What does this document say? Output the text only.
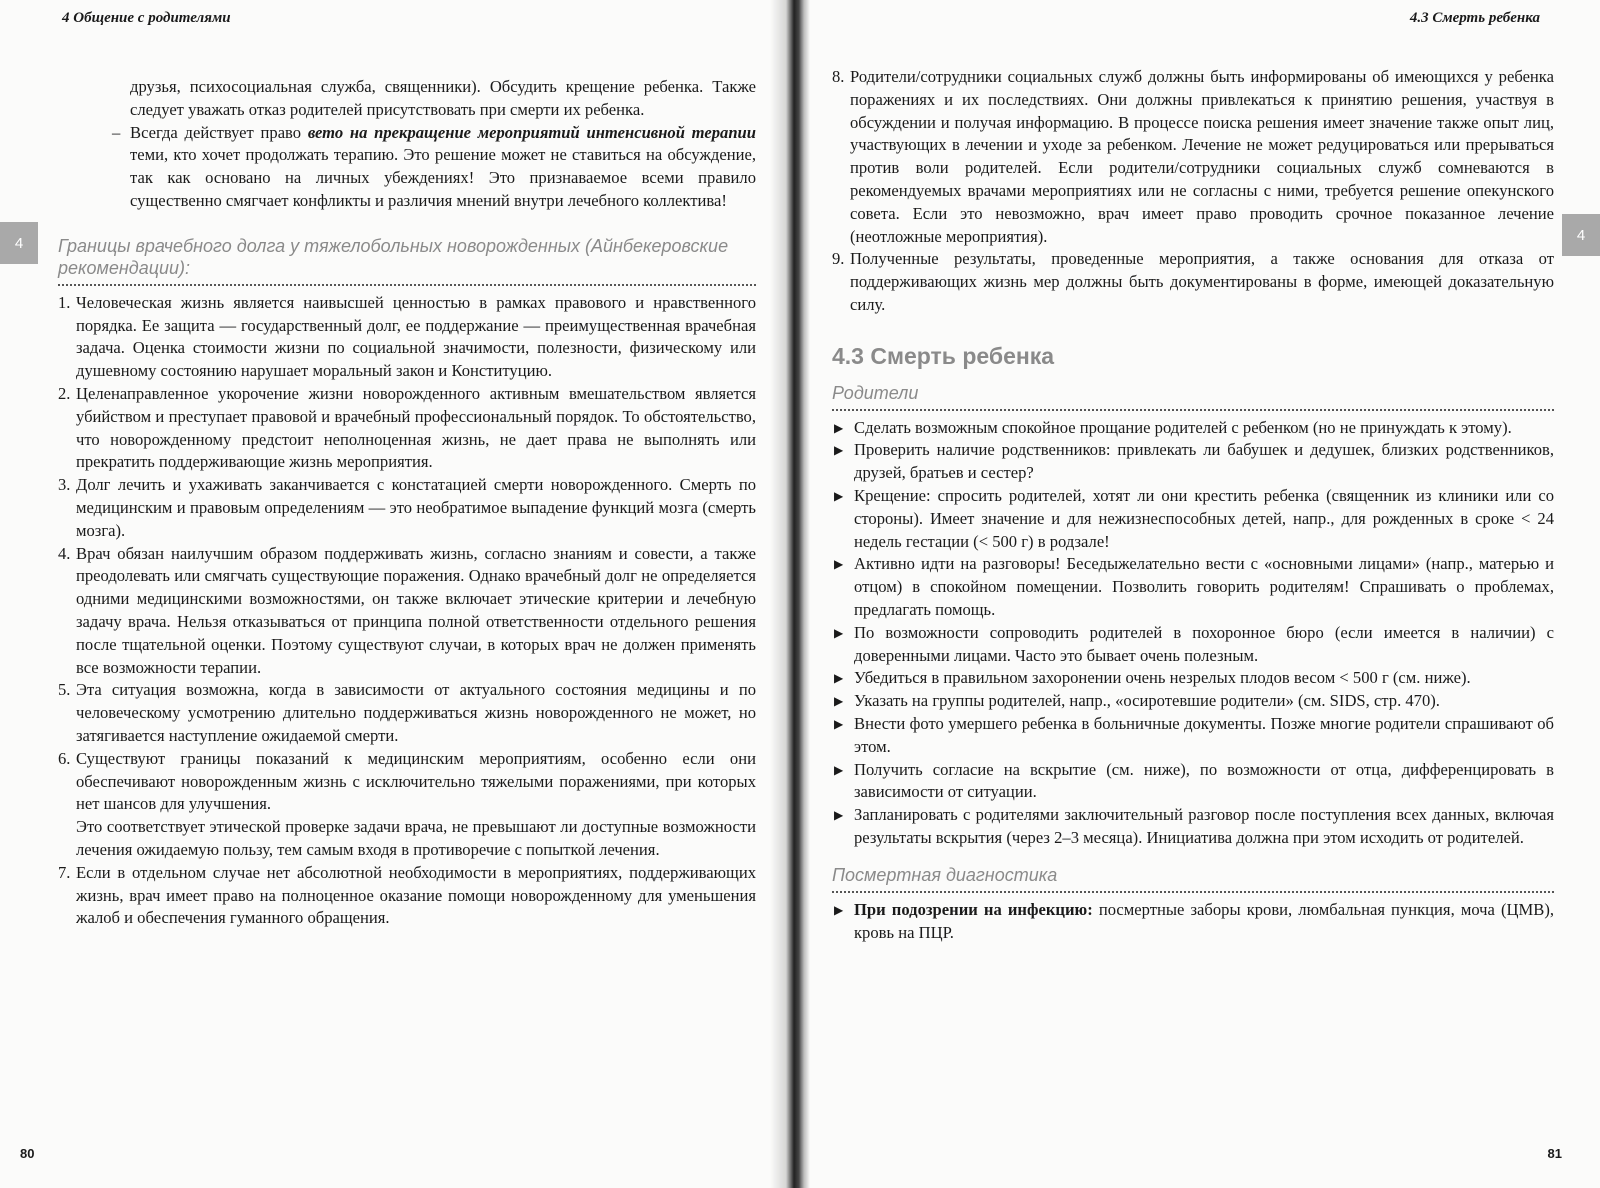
4 Общение с родителями
4

друзья, психосоциальная служба, священники). Обсудить крещение ребенка. Также следует уважать отказ родителей присутствовать при смерти их ребенка.

– Всегда действует право вето на прекращение мероприятий интенсивной терапии теми, кто хочет продолжать терапию. Это решение может не ставиться на обсуждение, так как основано на личных убеждениях! Это признаваемое всеми правило существенно смягчает конфликты и различия мнений внутри лечебного коллектива!
Границы врачебного долга у тяжелобольных новорожденных (Айнбекеровские рекомендации):
1. Человеческая жизнь является наивысшей ценностью в рамках правового и нравственного порядка. Ее защита — государственный долг, ее поддержание — преимущественная врачебная задача. Оценка стоимости жизни по социальной значимости, полезности, физическому или душевному состоянию нарушает моральный закон и Конституцию.
2. Целенаправленное укорочение жизни новорожденного активным вмешательством является убийством и преступает правовой и врачебный профессиональный порядок. То обстоятельство, что новорожденному предстоит неполноценная жизнь, не дает права не выполнять или прекратить поддерживающие жизнь мероприятия.
3. Долг лечить и ухаживать заканчивается с констатацией смерти новорожденного. Смерть по медицинским и правовым определениям — это необратимое выпадение функций мозга (смерть мозга).
4. Врач обязан наилучшим образом поддерживать жизнь, согласно знаниям и совести, а также преодолевать или смягчать существующие поражения. Однако врачебный долг не определяется одними медицинскими возможностями, он также включает этические критерии и лечебную задачу врача. Нельзя отказываться от принципа полной ответственности отдельного решения после тщательной оценки. Поэтому существуют случаи, в которых врач не должен применять все возможности терапии.
5. Эта ситуация возможна, когда в зависимости от актуального состояния медицины и по человеческому усмотрению длительно поддерживаться жизнь новорожденного не может, но затягивается наступление ожидаемой смерти.
6. Существуют границы показаний к медицинским мероприятиям, особенно если они обеспечивают новорожденным жизнь с исключительно тяжелыми поражениями, при которых нет шансов для улучшения.
Это соответствует этической проверке задачи врача, не превышают ли доступные возможности лечения ожидаемую пользу, тем самым входя в противоречие с попыткой лечения.
7. Если в отдельном случае нет абсолютной необходимости в мероприятиях, поддерживающих жизнь, врач имеет право на полноценное оказание помощи новорожденному для уменьшения жалоб и обеспечения гуманного обращения.
80
4.3 Смерть ребенка
4
8. Родители/сотрудники социальных служб должны быть информированы об имеющихся у ребенка поражениях и их последствиях. Они должны привлекаться к принятию решения, участвуя в обсуждении и получая информацию. В процессе поиска решения имеет значение также опыт лиц, участвующих в лечении и уходе за ребенком. Лечение не может редуцироваться или прерываться против воли родителей. Если родители/сотрудники социальных служб сомневаются в рекомендуемых врачами мероприятиях или не согласны с ними, требуется решение опекунского совета. Если это невозможно, врач имеет право проводить срочное показанное лечение (неотложные мероприятия).
9. Полученные результаты, проведенные мероприятия, а также основания для отказа от поддерживающих жизнь мер должны быть документированы в форме, имеющей доказательную силу.
4.3 Смерть ребенка
Родители
▶ Сделать возможным спокойное прощание родителей с ребенком (но не принуждать к этому).
▶ Проверить наличие родственников: привлекать ли бабушек и дедушек, близких родственников, друзей, братьев и сестер?
▶ Крещение: спросить родителей, хотят ли они крестить ребенка (священник из клиники или со стороны). Имеет значение и для нежизнеспособных детей, напр., для рожденных в сроке < 24 недель гестации (< 500 г) в родзале!
▶ Активно идти на разговоры! Беседыжелательно вести с «основными лицами» (напр., матерью и отцом) в спокойном помещении. Позволить говорить родителям! Спрашивать о проблемах, предлагать помощь.
▶ По возможности сопроводить родителей в похоронное бюро (если имеется в наличии) с доверенными лицами. Часто это бывает очень полезным.
▶ Убедиться в правильном захоронении очень незрелых плодов весом < 500 г (см. ниже).
▶ Указать на группы родителей, напр., «осиротевшие родители» (см. SIDS, стр. 470).
▶ Внести фото умершего ребенка в больничные документы. Позже многие родители спрашивают об этом.
▶ Получить согласие на вскрытие (см. ниже), по возможности от отца, дифференцировать в зависимости от ситуации.
▶ Запланировать с родителями заключительный разговор после поступления всех данных, включая результаты вскрытия (через 2–3 месяца). Инициатива должна при этом исходить от родителей.
Посмертная диагностика
▶ При подозрении на инфекцию: посмертные заборы крови, люмбальная пункция, моча (ЦМВ), кровь на ПЦР.
81
